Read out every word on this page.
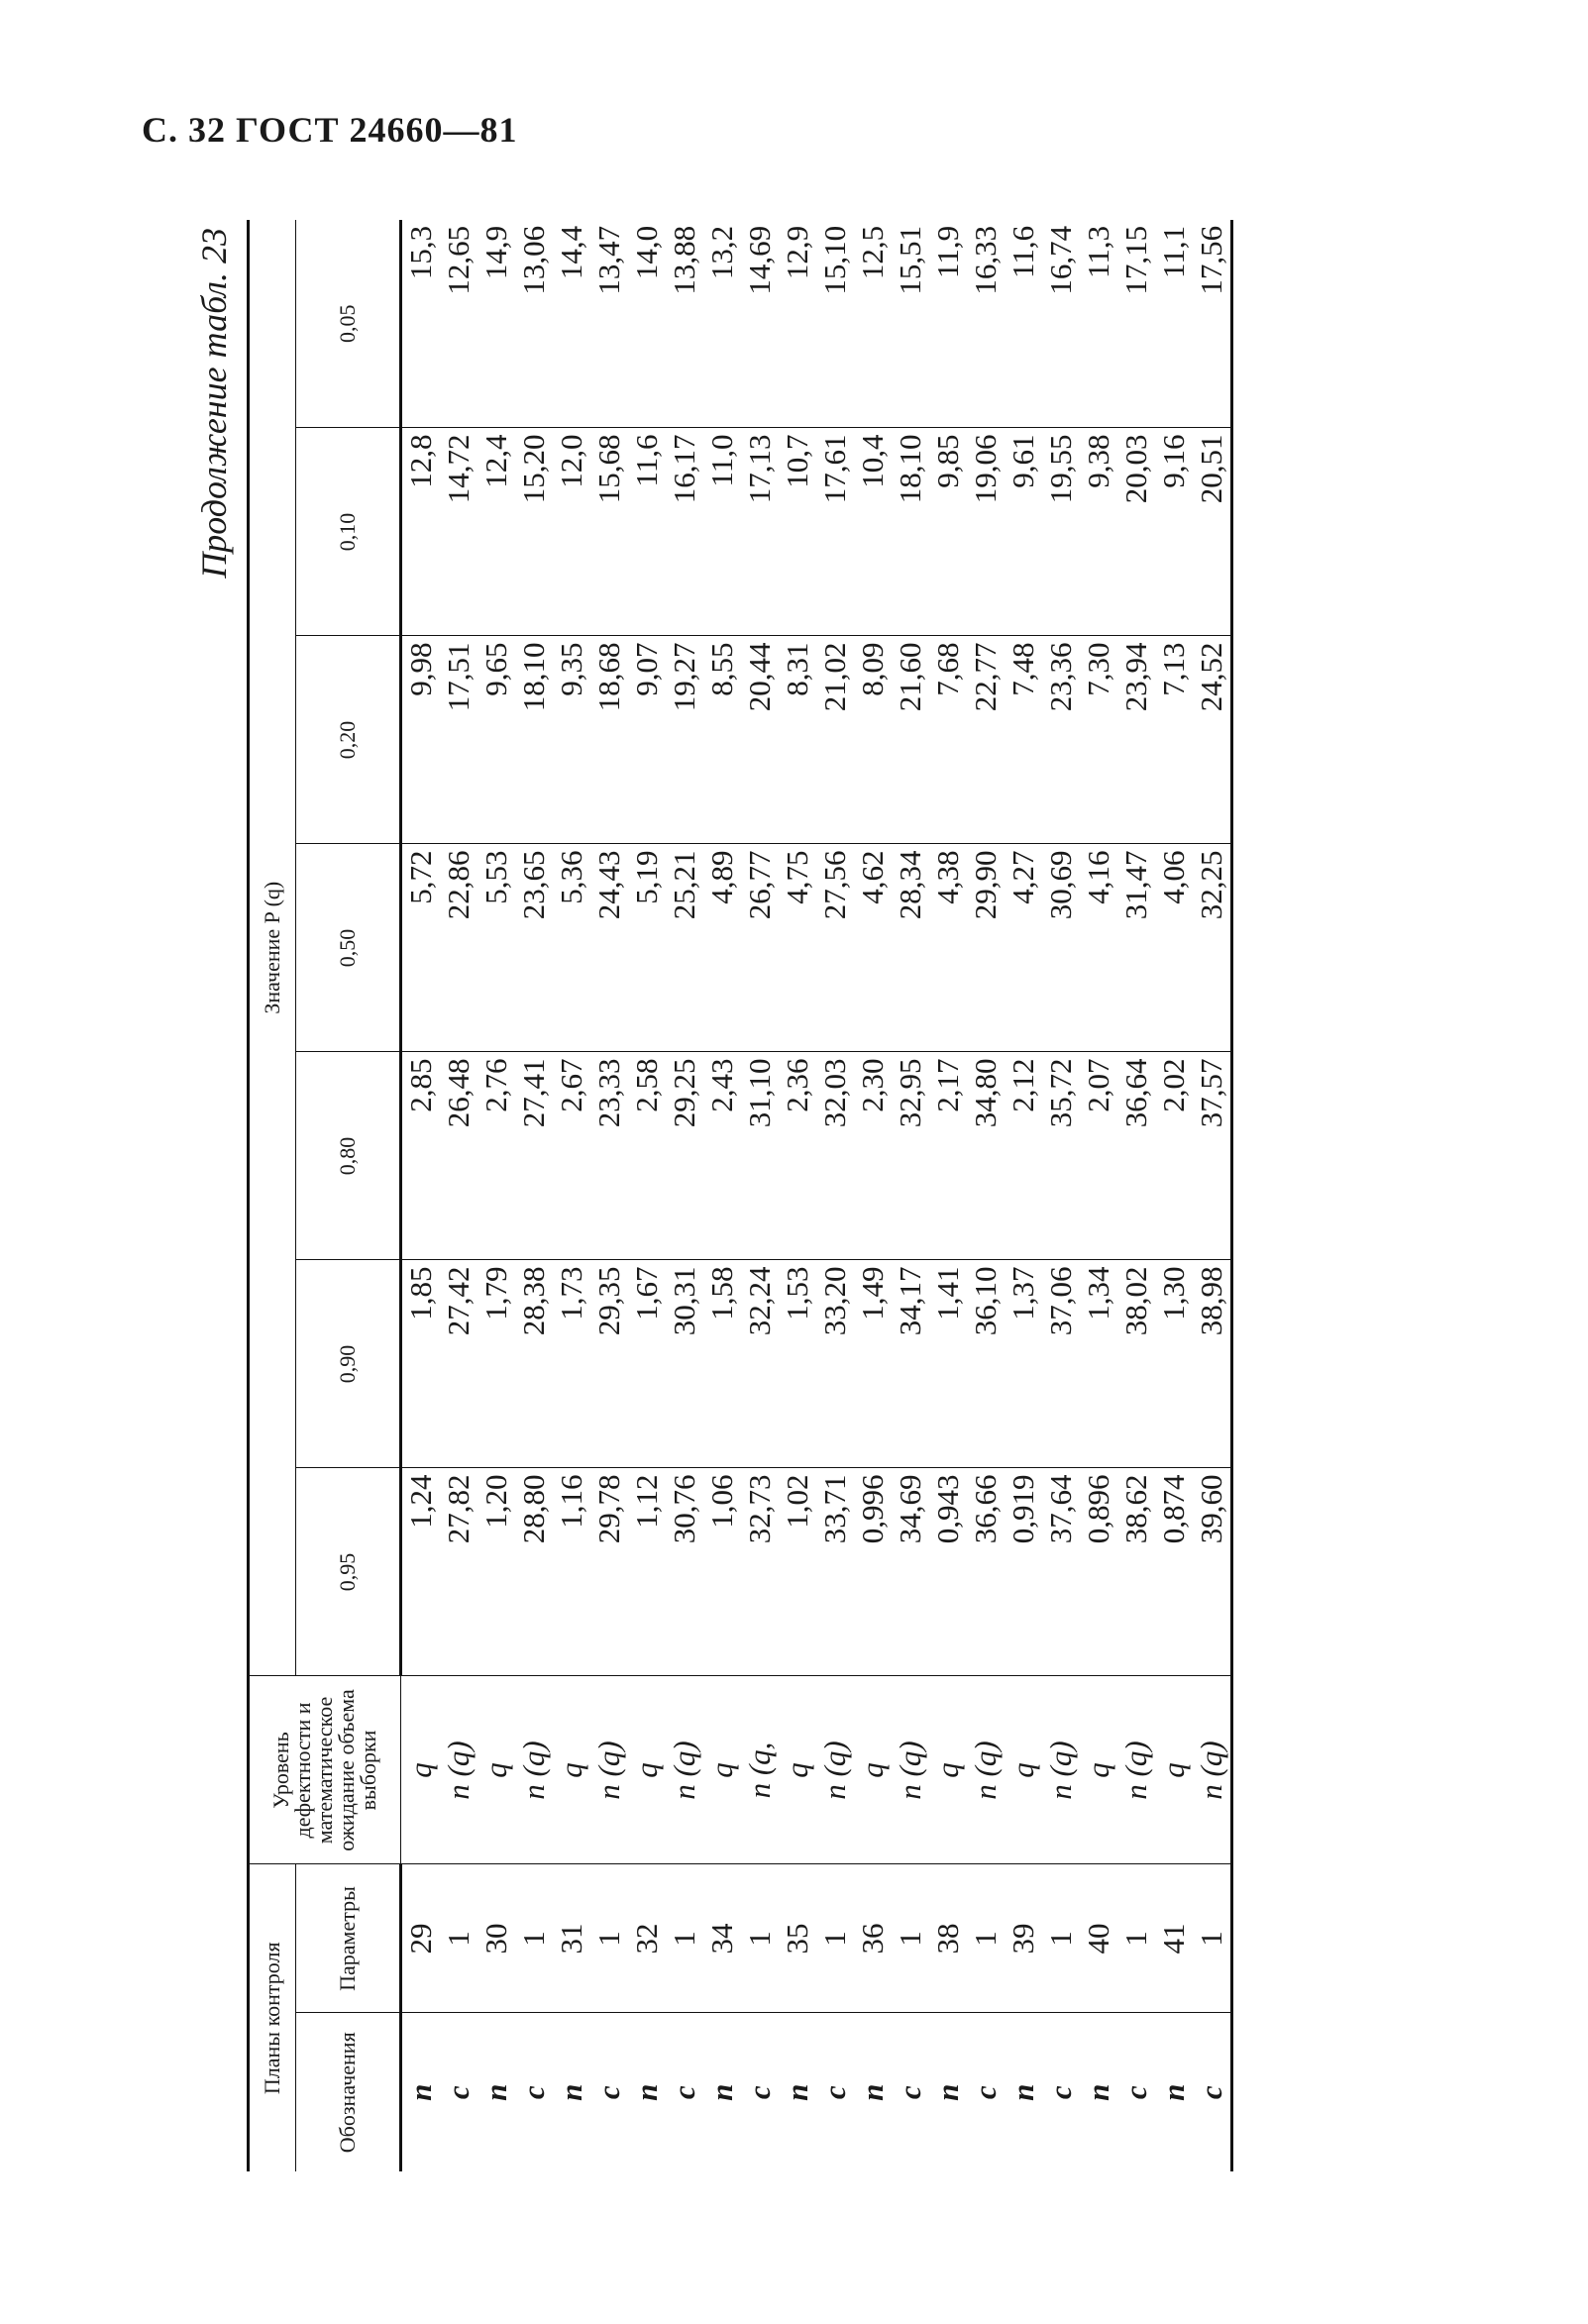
С. 32 ГОСТ 24660—81
Продолжение табл. 23
Планы контроля		Уровень дефектности и математическое ожидание объема выборки	Значение P (q)						
Обозначения	Параметры		0,95	0,90	0,80	0,50	0,20	0,10	0,05
n	29	q	1,24	1,85	2,85	5,72	9,98	12,8	15,3
c	1	n (q)	27,82	27,42	26,48	22,86	17,51	14,72	12,65
n	30	q	1,20	1,79	2,76	5,53	9,65	12,4	14,9
c	1	n (q)	28,80	28,38	27,41	23,65	18,10	15,20	13,06
n	31	q	1,16	1,73	2,67	5,36	9,35	12,0	14,4
c	1	n (q)	29,78	29,35	23,33	24,43	18,68	15,68	13,47
n	32	q	1,12	1,67	2,58	5,19	9,07	11,6	14,0
c	1	n (q)	30,76	30,31	29,25	25,21	19,27	16,17	13,88
n	34	q	1,06	1,58	2,43	4,89	8,55	11,0	13,2
c	1	n (q,	32,73	32,24	31,10	26,77	20,44	17,13	14,69
n	35	q	1,02	1,53	2,36	4,75	8,31	10,7	12,9
c	1	n (q)	33,71	33,20	32,03	27,56	21,02	17,61	15,10
n	36	q	0,996	1,49	2,30	4,62	8,09	10,4	12,5
c	1	n (q)	34,69	34,17	32,95	28,34	21,60	18,10	15,51
n	38	q	0,943	1,41	2,17	4,38	7,68	9,85	11,9
c	1	n (q)	36,66	36,10	34,80	29,90	22,77	19,06	16,33
n	39	q	0,919	1,37	2,12	4,27	7,48	9,61	11,6
c	1	n (q)	37,64	37,06	35,72	30,69	23,36	19,55	16,74
n	40	q	0,896	1,34	2,07	4,16	7,30	9,38	11,3
c	1	n (q)	38,62	38,02	36,64	31,47	23,94	20,03	17,15
n	41	q	0,874	1,30	2,02	4,06	7,13	9,16	11,1
c	1	n (q)	39,60	38,98	37,57	32,25	24,52	20,51	17,56
